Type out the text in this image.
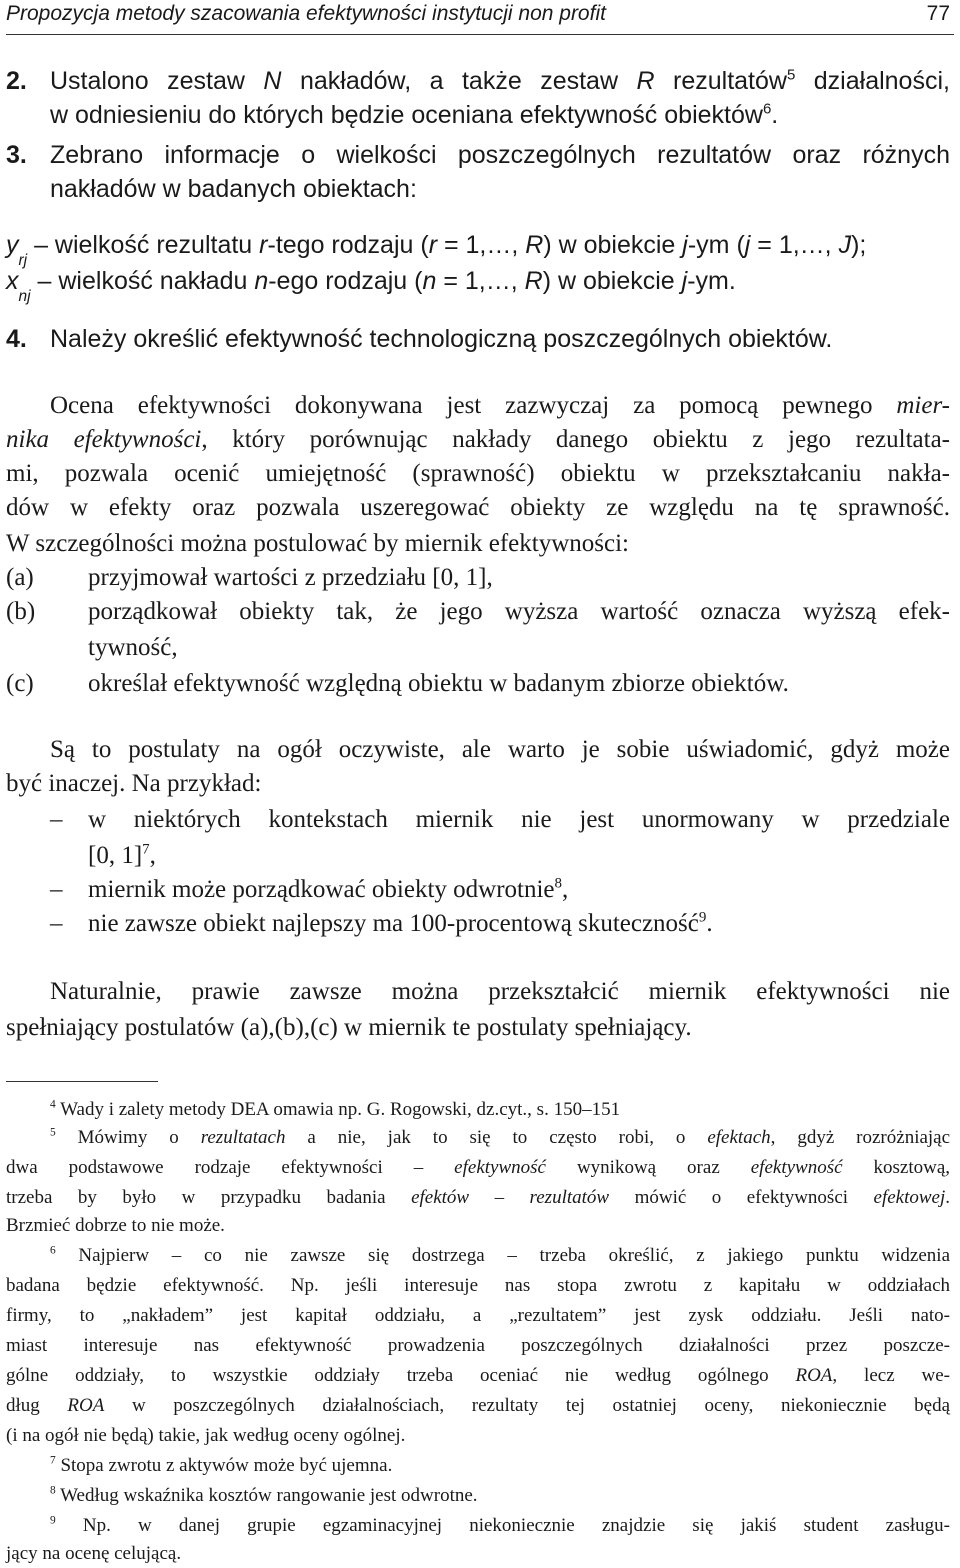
Propozycja metody szacowania efektywności instytucji non profit	77
2. Ustalono zestaw N nakładów, a także zestaw R rezultatów$^5$ działalności,
w odniesieniu do których będzie oceniana efektywność obiektów$^6$.
3. Zebrano informacje o wielkości poszczególnych rezultatów oraz różnych
nakładów w badanych obiektach:
$y_{rj}$ – wielkość rezultatu r-tego rodzaju (r = 1,…, R) w obiekcie j-ym (j = 1,…, J);
$x_{nj}$ – wielkość nakładu n-ego rodzaju (n = 1,…, R) w obiekcie j-ym.
4. Należy określić efektywność technologiczną poszczególnych obiektów.
Ocena efektywności dokonywana jest zazwyczaj za pomocą pewnego mier-
nika efektywności, który porównując nakłady danego obiektu z jego rezultata-
mi, pozwala ocenić umiejętność (sprawność) obiektu w przekształcaniu nakła-
dów w efekty oraz pozwala uszeregować obiekty ze względu na tę sprawność.
W szczególności można postulować by miernik efektywności:
(a) przyjmował wartości z przedziału [0, 1],
(b) porządkował obiekty tak, że jego wyższa wartość oznacza wyższą efek-
tywność,
(c) określał efektywność względną obiektu w badanym zbiorze obiektów.
Są to postulaty na ogół oczywiste, ale warto je sobie uświadomić, gdyż może
być inaczej. Na przykład:
– w niektórych kontekstach miernik nie jest unormowany w przedziale
[0, 1]$^7$,
– miernik może porządkować obiekty odwrotnie$^8$,
– nie zawsze obiekt najlepszy ma 100-procentową skuteczność$^9$.
Naturalnie, prawie zawsze można przekształcić miernik efektywności nie
spełniający postulatów (a),(b),(c) w miernik te postulaty spełniający.
$^4$ Wady i zalety metody DEA omawia np. G. Rogowski, dz.cyt., s. 150–151
$^5$ Mówimy o rezultatach a nie, jak to się to często robi, o efektach, gdyż rozróżniając
dwa podstawowe rodzaje efektywności – efektywność wynikową oraz efektywność kosztową,
trzeba by było w przypadku badania efektów – rezultatów mówić o efektywności efektowej.
Brzmieć dobrze to nie może.
$^6$ Najpierw – co nie zawsze się dostrzega – trzeba określić, z jakiego punktu widzenia
badana będzie efektywność. Np. jeśli interesuje nas stopa zwrotu z kapitału w oddziałach
firmy, to „nakładem” jest kapitał oddziału, a „rezultatem” jest zysk oddziału. Jeśli nato-
miast interesuje nas efektywność prowadzenia poszczególnych działalności przez poszcze-
gólne oddziały, to wszystkie oddziały trzeba oceniać nie według ogólnego ROA, lecz we-
dług ROA w poszczególnych działalnościach, rezultaty tej ostatniej oceny, niekoniecznie będą
(i na ogół nie będą) takie, jak według oceny ogólnej.
$^7$ Stopa zwrotu z aktywów może być ujemna.
$^8$ Według wskaźnika kosztów rangowanie jest odwrotne.
$^9$ Np. w danej grupie egzaminacyjnej niekoniecznie znajdzie się jakiś student zasługu-
jący na ocenę celującą.
